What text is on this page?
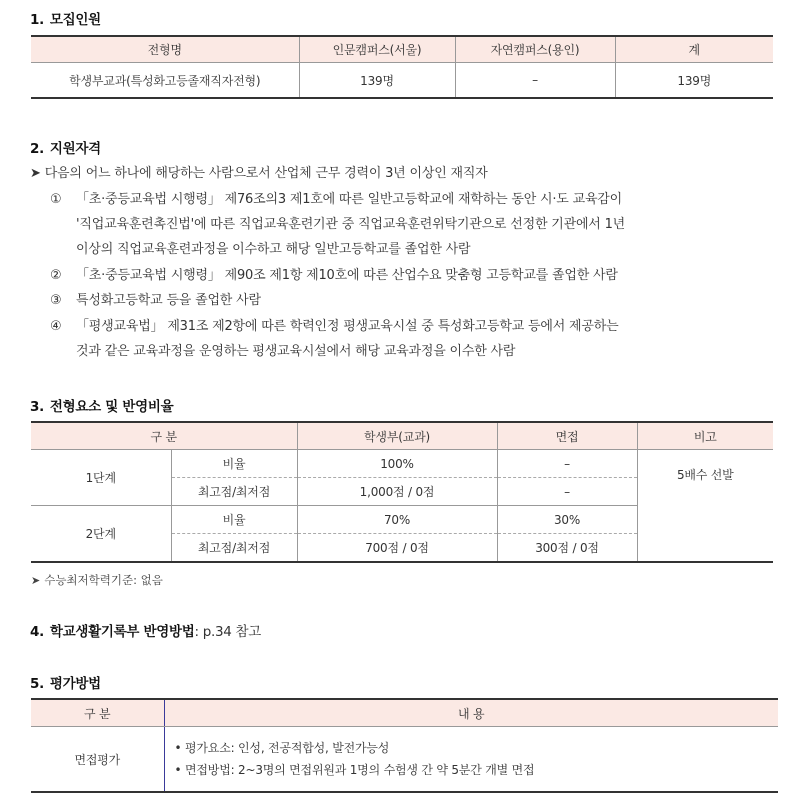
1. 모집인원
전형명	인문캠퍼스(서울)	자연캠퍼스(용인)	계
학생부교과(특성화고등졸재직자전형)	139명	–	139명
2. 지원자격
➤ 다음의 어느 하나에 해당하는 사람으로서 산업체 근무 경력이 3년 이상인 재직자
① 「초·중등교육법 시행령」 제76조의3 제1호에 따른 일반고등학교에 재학하는 동안 시·도 교육감이
'직업교육훈련촉진법'에 따른 직업교육훈련기관 중 직업교육훈련위탁기관으로 선정한 기관에서 1년
이상의 직업교육훈련과정을 이수하고 해당 일반고등학교를 졸업한 사람
② 「초·중등교육법 시행령」 제90조 제1항 제10호에 따른 산업수요 맞춤형 고등학교를 졸업한 사람
③ 특성화고등학교 등을 졸업한 사람
④ 「평생교육법」 제31조 제2항에 따른 학력인정 평생교육시설 중 특성화고등학교 등에서 제공하는
것과 같은 교육과정을 운영하는 평생교육시설에서 해당 교육과정을 이수한 사람
3. 전형요소 및 반영비율
구 분		학생부(교과)	면접	비고
1단계	비율	100%	–	5배수 선발
	최고점/최저점	1,000점 / 0점	–	
2단계	비율	70%	30%	
	최고점/최저점	700점 / 0점	300점 / 0점	
➤ 수능최저학력기준: 없음
4. 학교생활기록부 반영방법: p.34 참고
5. 평가방법
구 분	내 용
면접평가	• 평가요소: 인성, 전공적합성, 발전가능성
• 면접방법: 2~3명의 면접위원과 1명의 수험생 간 약 5분간 개별 면접
